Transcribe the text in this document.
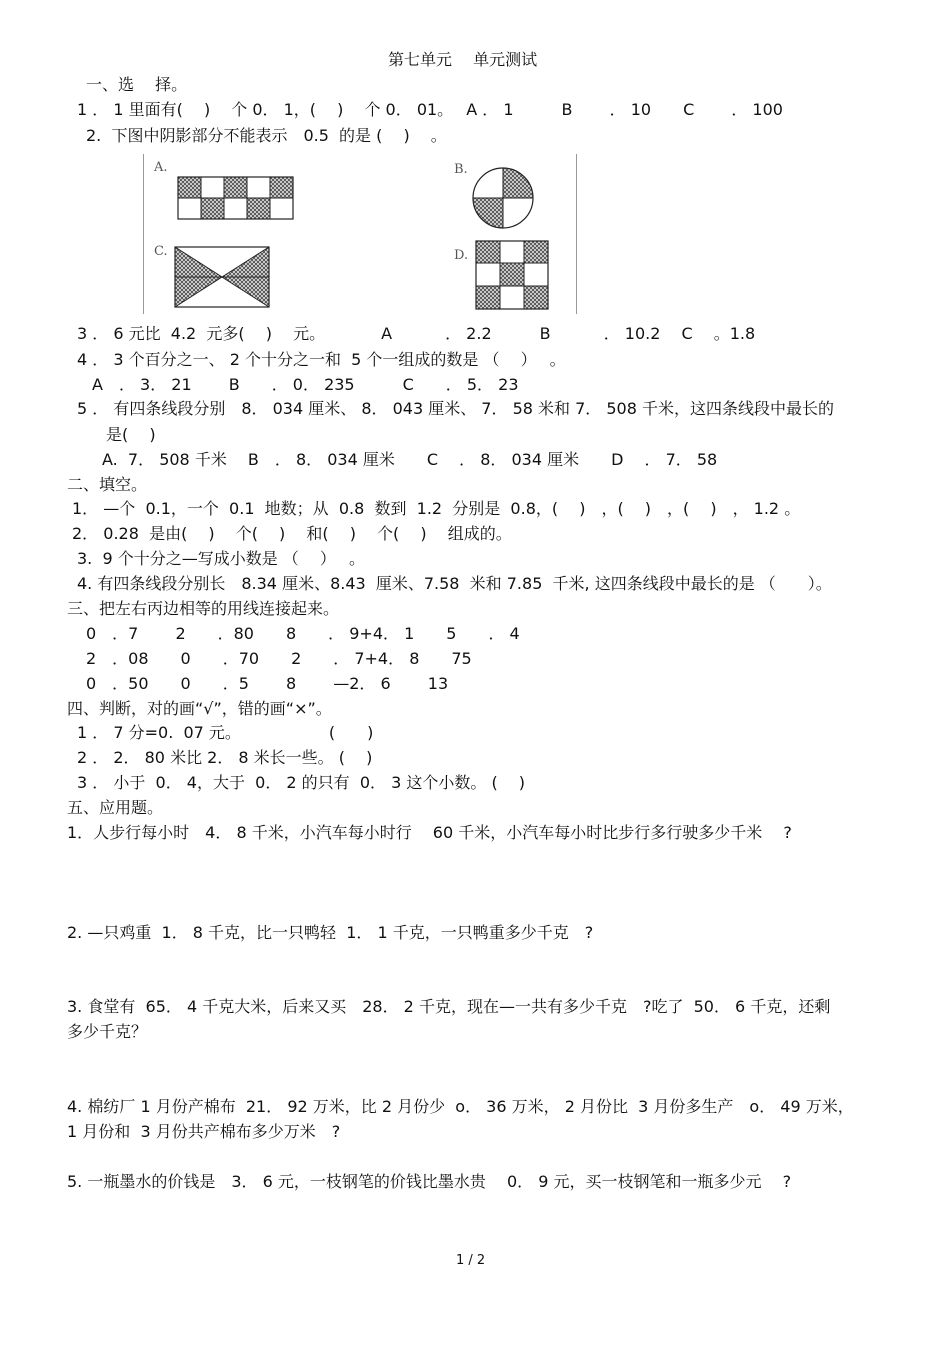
第七单元　 单元测试
一、选　 择。
1 ． 1 里面有(　 )　 个 0． 1，(　 )　 个 0． 01。　 A ． 1　　　B　　 ． 10　　C　　 ． 100
2.  下图中阴影部分不能表示　0.5  的是 (　 )　 。
A.	B.
C.	D.
3 ． 6 元比  4.2  元多(　 )　 元。　　　　A　　　 ． 2.2　　　B　　　 ． 10.2　 C　 。1.8
4 ． 3 个百分之一、 2 个十分之一和  5 个一组成的数是 （　 ）　 。
A　． 3． 21　　 B　　． 0． 235　　　C　　． 5． 23
5 ． 有四条线段分别　8． 034 厘米、 8． 043 厘米、 7． 58 米和 7． 508 千米，这四条线段中最长的
是(　 )
A.  7． 508 千米　 B　． 8． 034 厘米　　C　 ． 8． 034 厘米　　D　 ． 7． 58
二、填空。
1． —个  0.1，一个  0.1  地数；从  0.8  数到  1.2  分别是  0.8，(　 )　，(　 )　，(　 )　， 1.2 。
2． 0.28  是由(　 )　 个(　 )　 和(　 )　 个(　 )　 组成的。
3.  9 个十分之—写成小数是 （　 ）　 。
4. 有四条线段分别长　8.34 厘米、8.43  厘米、7.58  米和 7.85  千米, 这四条线段中最长的是 （　　）。
三、把左右丙边相等的用线连接起来。
0　．7　　 2　　．80　　8　　． 9+4． 1　　5　　． 4
2　．08　　0　　．70　　2　　． 7+4． 8　　75
0　．50　　0　　．5　　 8　　 —2． 6　　 13
四、判断，对的画“√”，错的画“×”。
1 ． 7 分=0.  07 元。　　　　　　(　　)
2 ． 2． 80 米比 2． 8 米长一些。 (　 )
3 ． 小于  0． 4，大于  0． 2 的只有  0． 3 这个小数。 (　 )
五、应用题。
1．人步行每小时　4． 8 千米，小汽车每小时行　 60 千米，小汽车每小时比步行多行驶多少千米　 ?
2. —只鸡重  1． 8 千克，比一只鸭轻  1． 1 千克，一只鸭重多少千克　?
3. 食堂有  65． 4 千克大米，后来又买　28． 2 千克，现在—一共有多少千克　?吃了  50． 6 千克，还剩
多少千克？
4. 棉纺厂 1 月份产棉布  21． 92 万米，比 2 月份少  o． 36 万米， 2 月份比  3 月份多生产　o． 49 万米，
1 月份和  3 月份共产棉布多少万米　?
5. 一瓶墨水的价钱是　3． 6 元，一枝钢笔的价钱比墨水贵　 0． 9 元，买一枝钢笔和一瓶多少元　 ?
1 / 2
